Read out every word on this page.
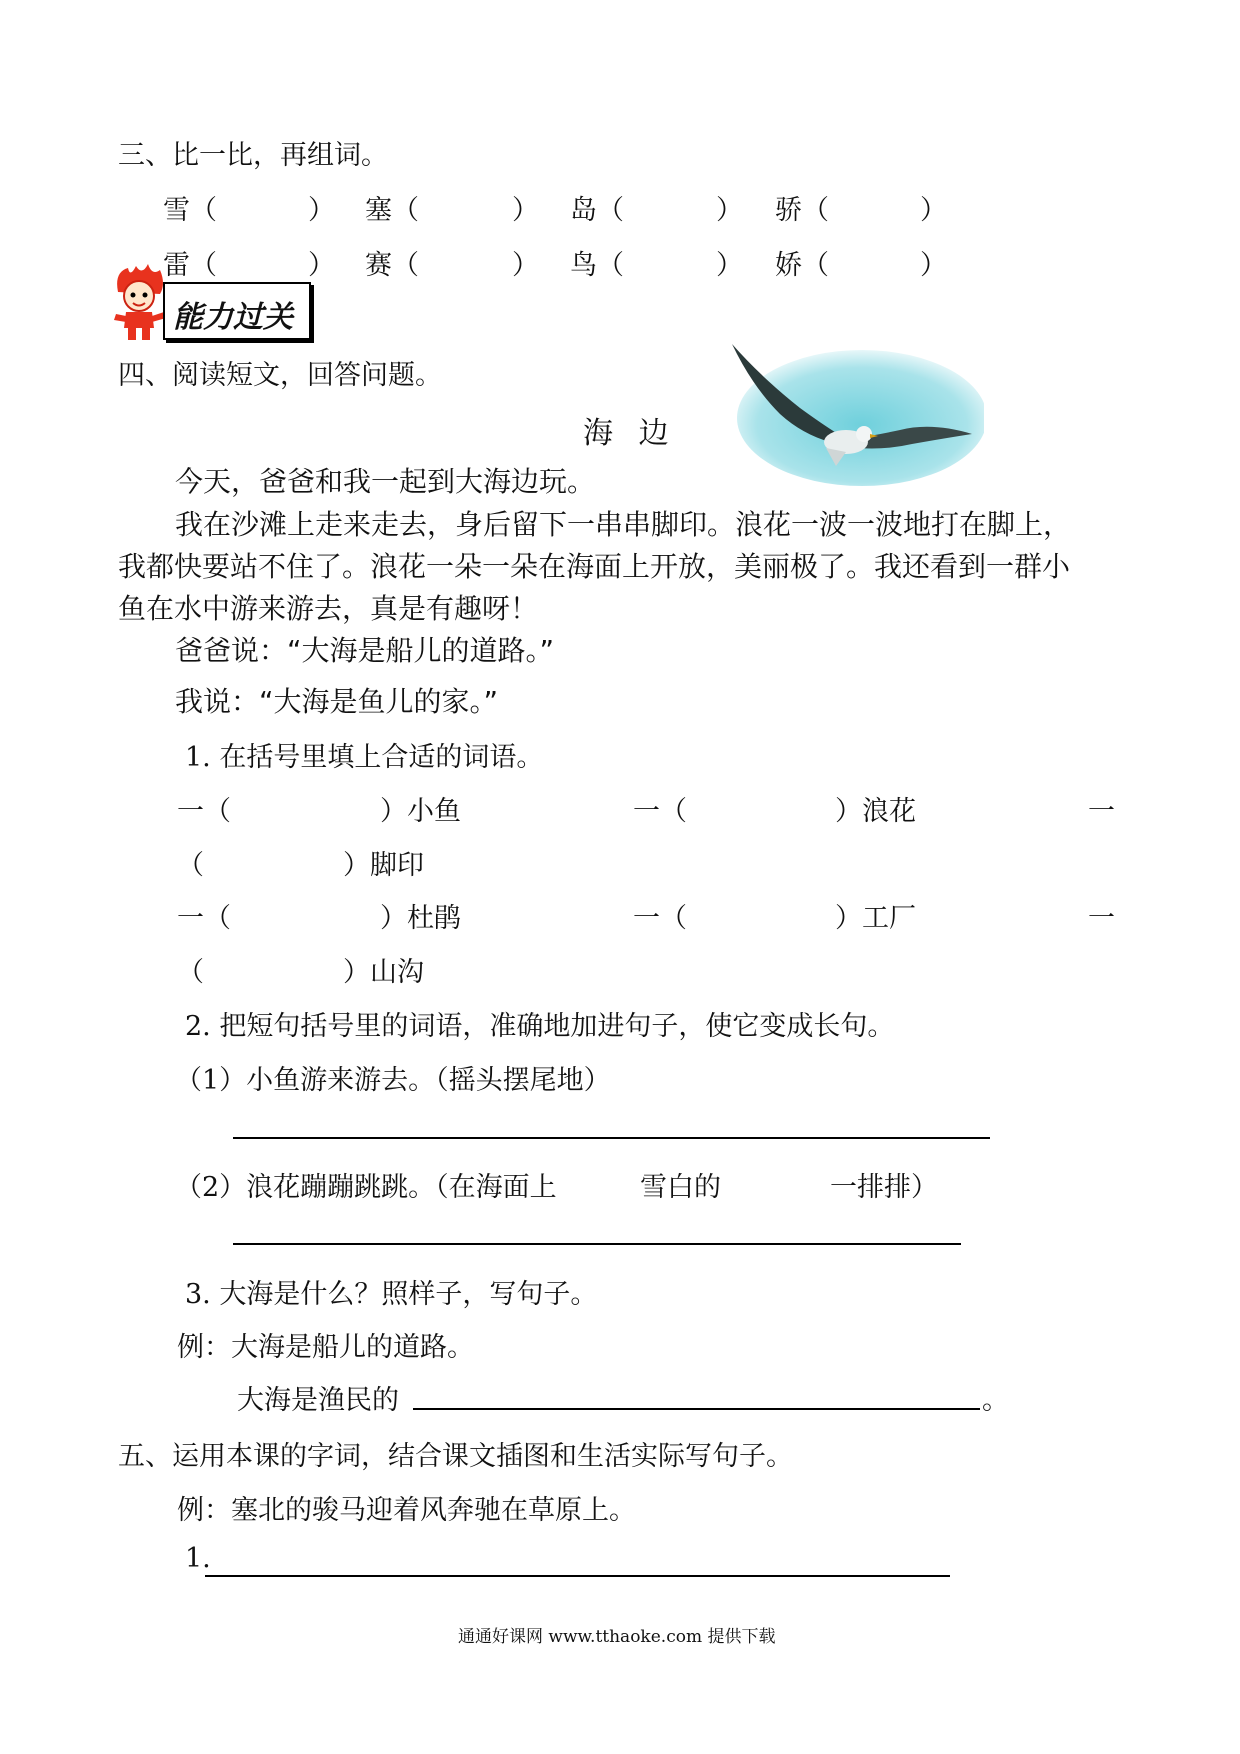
三、比一比，再组词。
雪（	） 塞（	） 岛（	） 骄（	）
雷（	） 赛（	） 鸟（	） 娇（	）
能力过关
四、阅读短文，回答问题。
海 边
今天，爸爸和我一起到大海边玩。
我在沙滩上走来走去，身后留下一串串脚印。浪花一波一波地打在脚上，
我都快要站不住了。浪花一朵一朵在海面上开放，美丽极了。我还看到一群小
鱼在水中游来游去，真是有趣呀！
爸爸说：“大海是船儿的道路。”
我说：“大海是鱼儿的家。”
1. 在括号里填上合适的词语。
一（	）小鱼	一（	）浪花	一
（	）脚印
一（	）杜鹃	一（	）工厂	一
（	）山沟
2. 把短句括号里的词语，准确地加进句子，使它变成长句。
（1）小鱼游来游去。（摇头摆尾地）
（2）浪花蹦蹦跳跳。（在海面上	雪白的	一排排）
3. 大海是什么？照样子，写句子。
例：大海是船儿的道路。
大海是渔民的	。
五、运用本课的字词，结合课文插图和生活实际写句子。
例：塞北的骏马迎着风奔驰在草原上。
1.
通通好课网 www.tthaoke.com 提供下载
